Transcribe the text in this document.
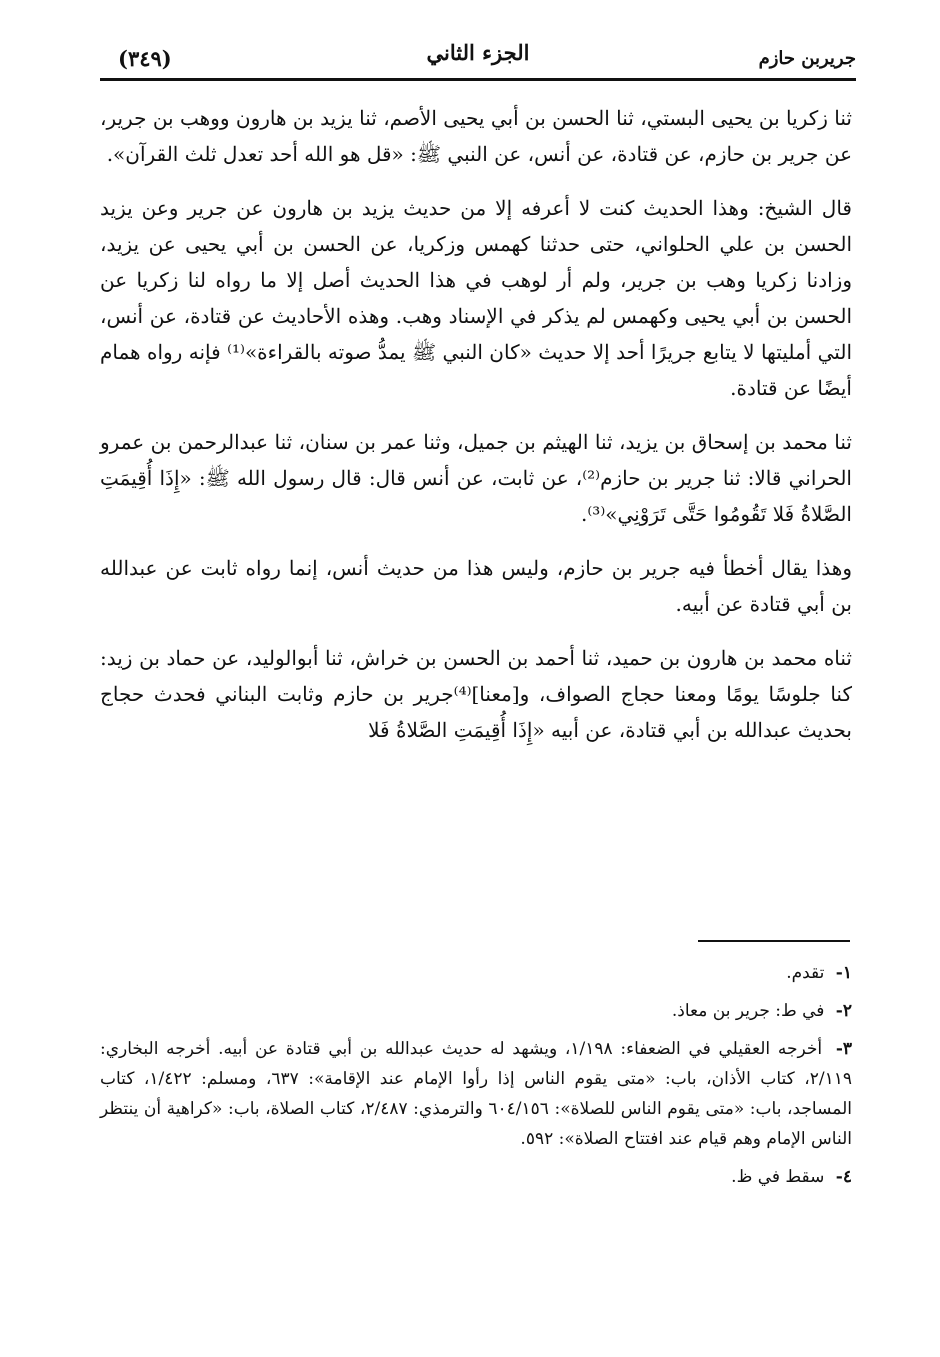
جريربن حازم
الجزء الثاني
(٣٤٩)

ثنا زكريا بن يحيى البستي، ثنا الحسن بن أبي يحيى الأصم، ثنا يزيد بن هارون ووهب بن جرير، عن جرير بن حازم، عن قتادة، عن أنس، عن النبي ﷺ: «قل هو الله أحد تعدل ثلث القرآن».

قال الشيخ: وهذا الحديث كنت لا أعرفه إلا من حديث يزيد بن هارون عن جرير وعن يزيد الحسن بن علي الحلواني، حتى حدثنا كهمس وزكريا، عن الحسن بن أبي يحيى عن يزيد، وزادنا زكريا وهب بن جرير، ولم أر لوهب في هذا الحديث أصل إلا ما رواه لنا زكريا عن الحسن بن أبي يحيى وكهمس لم يذكر في الإسناد وهب. وهذه الأحاديث عن قتادة، عن أنس، التي أمليتها لا يتابع جريرًا أحد إلا حديث «كان النبي ﷺ يمدُّ صوته بالقراءة»⁽¹⁾ فإنه رواه همام أيضًا عن قتادة.

ثنا محمد بن إسحاق بن يزيد، ثنا الهيثم بن جميل، وثنا عمر بن سنان، ثنا عبدالرحمن بن عمرو الحراني قالا: ثنا جرير بن حازم⁽²⁾، عن ثابت، عن أنس قال: قال رسول الله ﷺ: «إِذَا أُقِيمَتِ الصَّلاةُ فَلا تَقُومُوا حَتَّى تَرَوْنِي»⁽³⁾.

وهذا يقال أخطأ فيه جرير بن حازم، وليس هذا من حديث أنس، إنما رواه ثابت عن عبدالله بن أبي قتادة عن أبيه.

ثناه محمد بن هارون بن حميد، ثنا أحمد بن الحسن بن خراش، ثنا أبوالوليد، عن حماد بن زيد: كنا جلوسًا يومًا ومعنا حجاج الصواف، و[معنا]⁽⁴⁾جرير بن حازم وثابت البناني فحدث حجاج بحديث عبدالله بن أبي قتادة، عن أبيه «إِذَا أُقِيمَتِ الصَّلاةُ فَلا

١- تقدم.

٢- في ط: جرير بن معاذ.

٣- أخرجه العقيلي في الضعفاء: ١/١٩٨، ويشهد له حديث عبدالله بن أبي قتادة عن أبيه. أخرجه البخاري: ٢/١١٩، كتاب الأذان، باب: «متى يقوم الناس إذا رأوا الإمام عند الإقامة»: ٦٣٧، ومسلم: ١/٤٢٢، كتاب المساجد، باب: «متى يقوم الناس للصلاة»: ٦٠٤/١٥٦ والترمذي: ٢/٤٨٧، كتاب الصلاة، باب: «كراهية أن ينتظر الناس الإمام وهم قيام عند افتتاح الصلاة»: ٥٩٢.

٤- سقط في ظ.
